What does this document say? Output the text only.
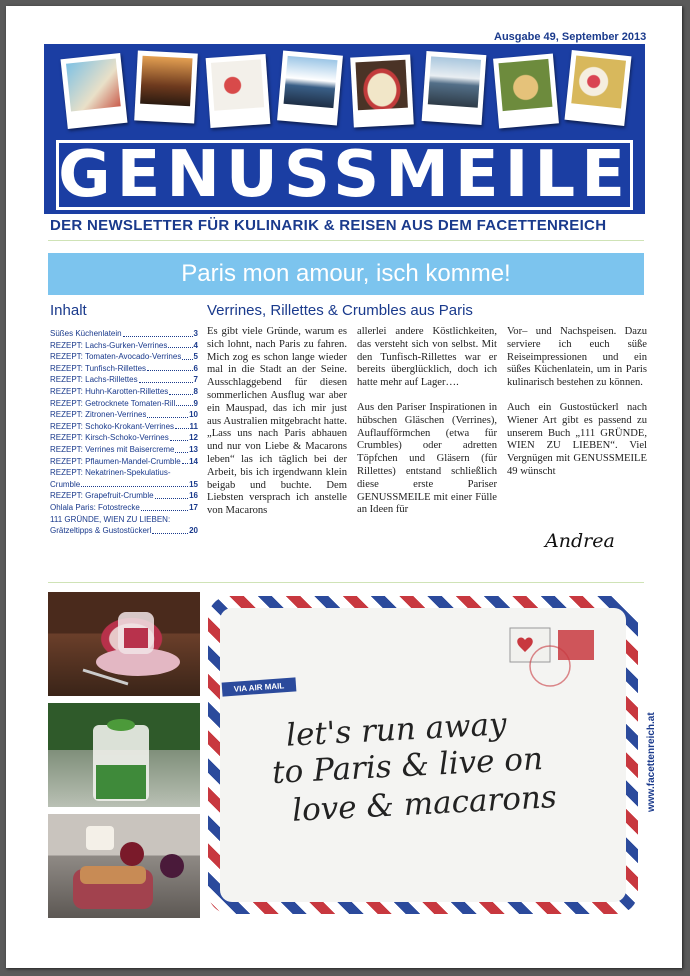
Ausgabe 49, September 2013
GENUSSMEILE
DER NEWSLETTER FÜR KULINARIK & REISEN AUS DEM FACETTENREICH
Paris mon amour, isch komme!
Inhalt
Süßes Küchenlatein	3
REZEPT: Lachs-Gurken-Verrines	4
REZEPT: Tomaten-Avocado-Verrines 5
REZEPT: Tunfisch-Rillettes	6
REZEPT: Lachs-Rillettes	7
REZEPT: Huhn-Karotten-Rillettes	8
REZEPT: Getrocknete Tomaten-Rill 9
REZEPT: Zitronen-Verrines	10
REZEPT: Schoko-Krokant-Verrines 11
REZEPT: Kirsch-Schoko-Verrines	12
REZEPT: Verrines mit Baisercreme 13
REZEPT: Pflaumen-Mandel-Crumble 14
REZEPT: Nekatrinen-Spekulatius-
Crumble	15
REZEPT: Grapefruit-Crumble	16
Ohlala Paris: Fotostrecke	17
111 GRÜNDE, WIEN ZU LIEBEN:
Grätzeltipps & Gustostückerl	20
Verrines, Rillettes & Crumbles aus Paris

Es gibt viele Gründe, warum es sich lohnt, nach Paris zu fahren. Mich zog es schon lange wieder mal in die Stadt an der Seine. Ausschlaggebend für diesen sommerlichen Ausflug war aber ein Mauspad, das ich mir just aus Australien mitgebracht hatte. „Lass uns nach Paris abhauen und nur von Liebe & Macarons leben“ las ich täglich bei der Arbeit, bis ich irgendwann klein beigab und buchte. Dem Liebsten versprach ich anstelle von Macarons

allerlei andere Köstlichkeiten, das versteht sich von selbst. Mit den Tunfisch-Rillettes war er bereits überglücklich, doch ich hatte mehr auf Lager….

Aus den Pariser Inspirationen in hübschen Gläschen (Verrines), Auflaufförmchen (etwa für Crumbles) oder adretten Töpfchen und Gläsern (für Rillettes) entstand schließlich diese erste Pariser GENUSSMEILE mit einer Fülle an Ideen für

Vor– und Nachspeisen. Dazu serviere ich euch süße Reiseimpressionen und ein süßes Küchenlatein, um in Paris kulinarisch bestehen zu können.

Auch ein Gustostückerl nach Wiener Art gibt es passend zu unserem Buch „111 GRÜNDE, WIEN ZU LIEBEN“. Viel Vergnügen mit GENUSSMEILE 49 wünscht

Andrea
VIA AIR MAIL
let's run away
to Paris & live on
love & macarons	www.facettenreich.at
